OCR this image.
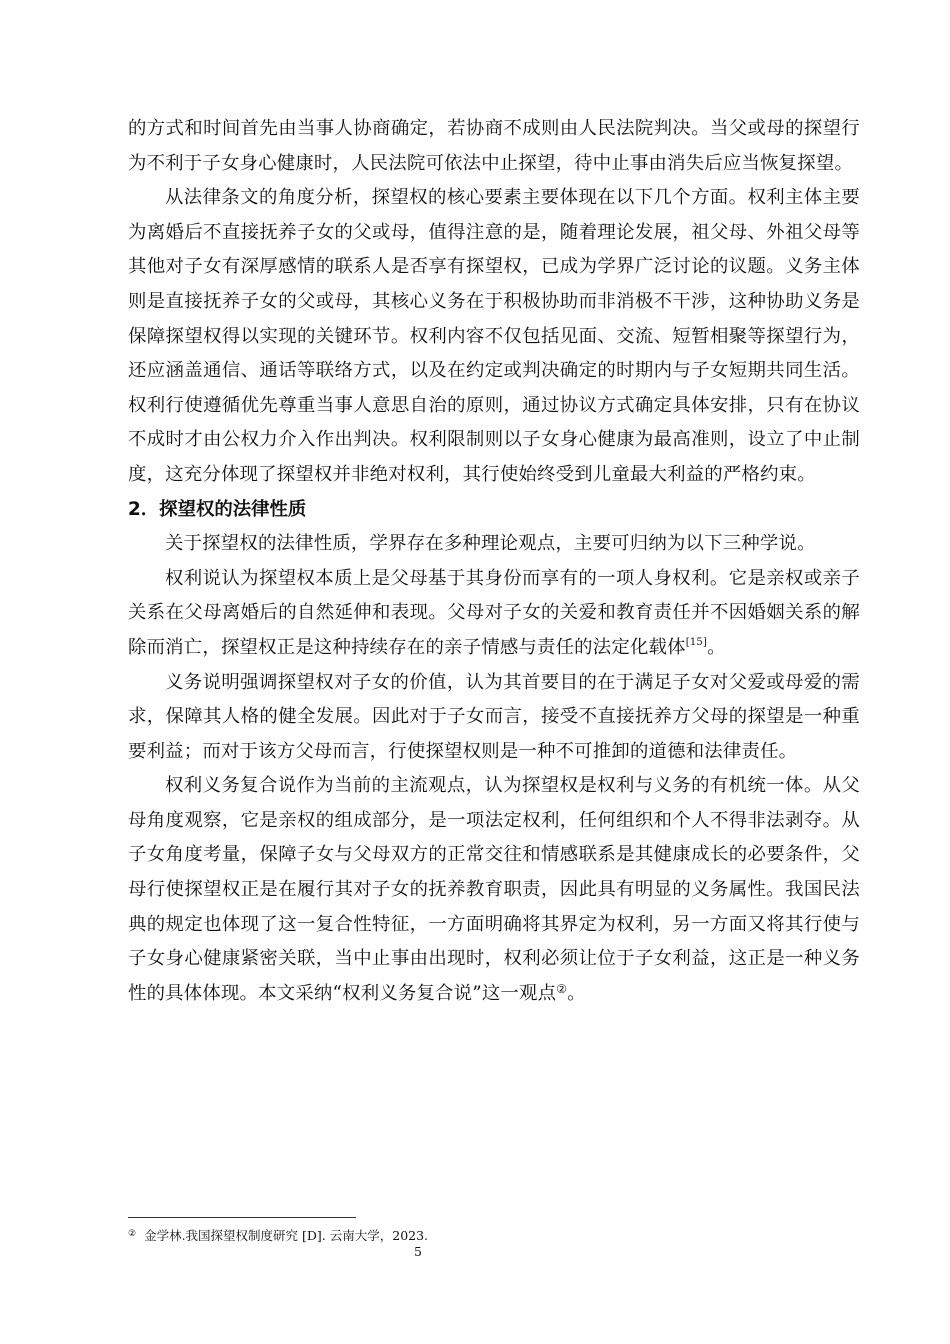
的方式和时间首先由当事人协商确定，若协商不成则由人民法院判决。当父或母的探望行为不利于子女身心健康时，人民法院可依法中止探望，待中止事由消失后应当恢复探望。

从法律条文的角度分析，探望权的核心要素主要体现在以下几个方面。权利主体主要为离婚后不直接抚养子女的父或母，值得注意的是，随着理论发展，祖父母、外祖父母等其他对子女有深厚感情的联系人是否享有探望权，已成为学界广泛讨论的议题。义务主体则是直接抚养子女的父或母，其核心义务在于积极协助而非消极不干涉，这种协助义务是保障探望权得以实现的关键环节。权利内容不仅包括见面、交流、短暂相聚等探望行为，还应涵盖通信、通话等联络方式，以及在约定或判决确定的时期内与子女短期共同生活。权利行使遵循优先尊重当事人意思自治的原则，通过协议方式确定具体安排，只有在协议不成时才由公权力介入作出判决。权利限制则以子女身心健康为最高准则，设立了中止制度，这充分体现了探望权并非绝对权利，其行使始终受到儿童最大利益的严格约束。

2．探望权的法律性质

关于探望权的法律性质，学界存在多种理论观点，主要可归纳为以下三种学说。

权利说认为探望权本质上是父母基于其身份而享有的一项人身权利。它是亲权或亲子关系在父母离婚后的自然延伸和表现。父母对子女的关爱和教育责任并不因婚姻关系的解除而消亡，探望权正是这种持续存在的亲子情感与责任的法定化载体[15]。

义务说明强调探望权对子女的价值，认为其首要目的在于满足子女对父爱或母爱的需求，保障其人格的健全发展。因此对于子女而言，接受不直接抚养方父母的探望是一种重要利益；而对于该方父母而言，行使探望权则是一种不可推卸的道德和法律责任。

权利义务复合说作为当前的主流观点，认为探望权是权利与义务的有机统一体。从父母角度观察，它是亲权的组成部分，是一项法定权利，任何组织和个人不得非法剥夺。从子女角度考量，保障子女与父母双方的正常交往和情感联系是其健康成长的必要条件，父母行使探望权正是在履行其对子女的抚养教育职责，因此具有明显的义务属性。我国民法典的规定也体现了这一复合性特征，一方面明确将其界定为权利，另一方面又将其行使与子女身心健康紧密关联，当中止事由出现时，权利必须让位于子女利益，这正是一种义务性的具体体现。本文采纳“权利义务复合说”这一观点②。

② 金学林.我国探望权制度研究 [D]. 云南大学，2023.
5
